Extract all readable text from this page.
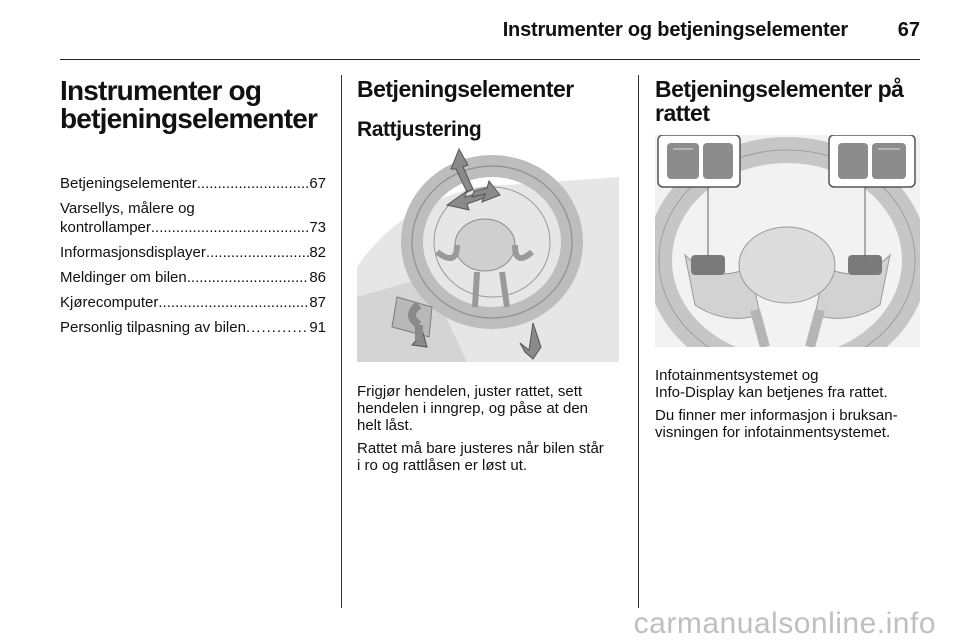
Instrumenter og betjeningselementer 67
Instrumenter og
betjeningselementer
Betjeningselementer .....	67
Varsellys, målere og
kontrollamper .....	73
Informasjonsdisplayer .....	82
Meldinger om bilen .....	86
Kjørecomputer .....	87
Personlig tilpasning av bilen .....	91
Betjeningselementer
Rattjustering
Frigjør hendelen, juster rattet, sett
hendelen i inngrep, og påse at den
helt låst.
Rattet må bare justeres når bilen står
i ro og rattlåsen er løst ut.
Betjeningselementer på
rattet
Infotainmentsystemet og
Info-Display kan betjenes fra rattet.
Du finner mer informasjon i bruksan-
visningen for infotainmentsystemet.
carmanualsonline.info
